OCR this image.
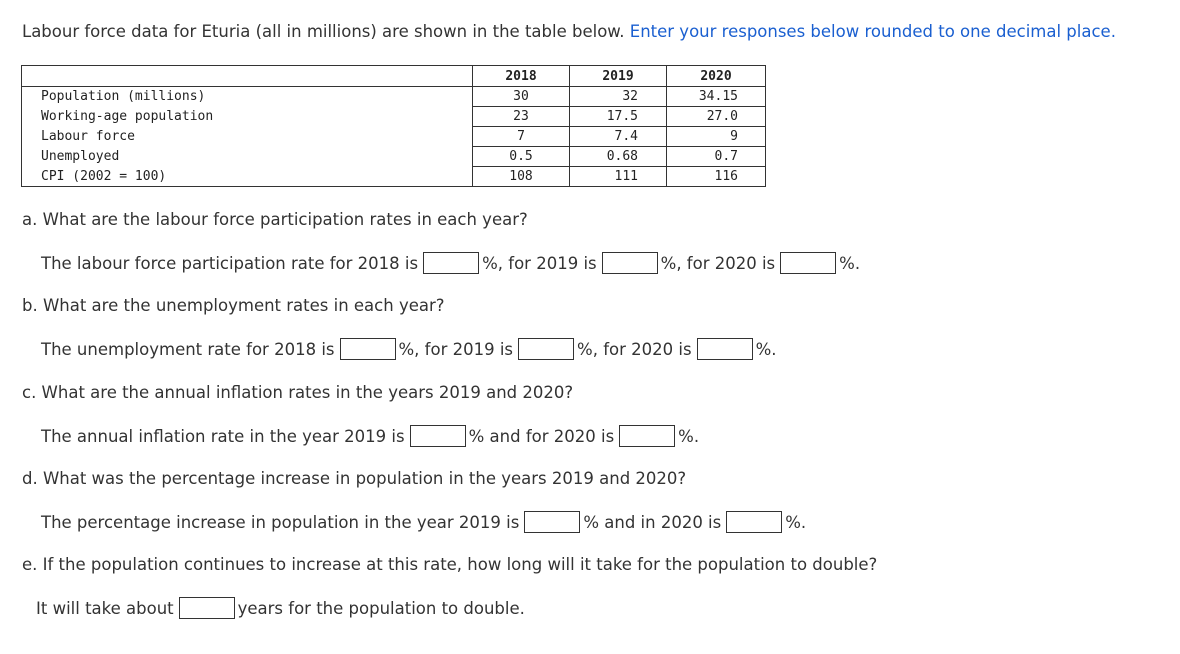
Labour force data for Eturia (all in millions) are shown in the table below. Enter your responses below rounded to one decimal place.
	2018	2019	2020
Population (millions)	30	32	34.15
Working-age population	23	17.5	27.0
Labour force	7	7.4	9
Unemployed	0.5	0.68	0.7
CPI (2002 = 100)	108	111	116
a. What are the labour force participation rates in each year?
The labour force participation rate for 2018 is	%, for 2019 is	%, for 2020 is	%.
b. What are the unemployment rates in each year?
The unemployment rate for 2018 is	%, for 2019 is	%, for 2020 is	%.
c. What are the annual inflation rates in the years 2019 and 2020?
The annual inflation rate in the year 2019 is	% and for 2020 is	%.
d. What was the percentage increase in population in the years 2019 and 2020?
The percentage increase in population in the year 2019 is	% and in 2020 is	%.
e. If the population continues to increase at this rate, how long will it take for the population to double?
It will take about	years for the population to double.
